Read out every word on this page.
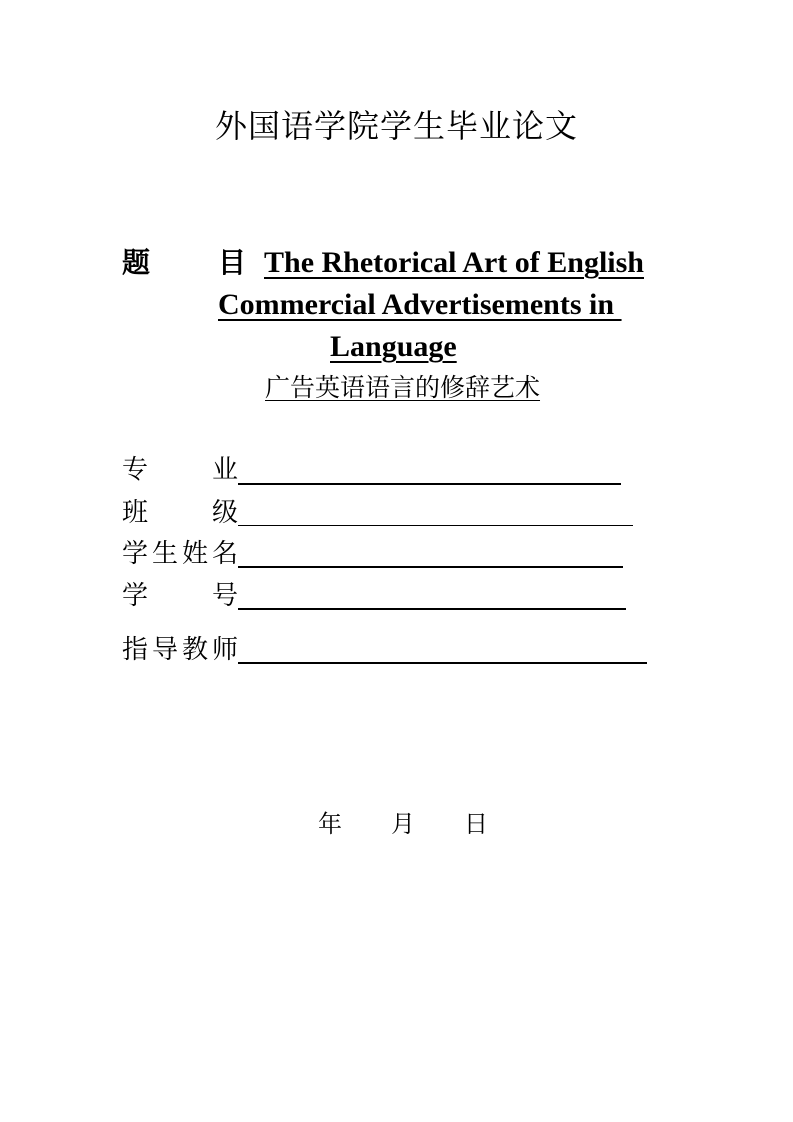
外国语学院学生毕业论文
题 目 The Rhetorical Art of English
Commercial Advertisements in
Language
广告英语语言的修辞艺术
专 业
班 级
学 生 姓 名
学 号
指 导 教 师
年 月 日
